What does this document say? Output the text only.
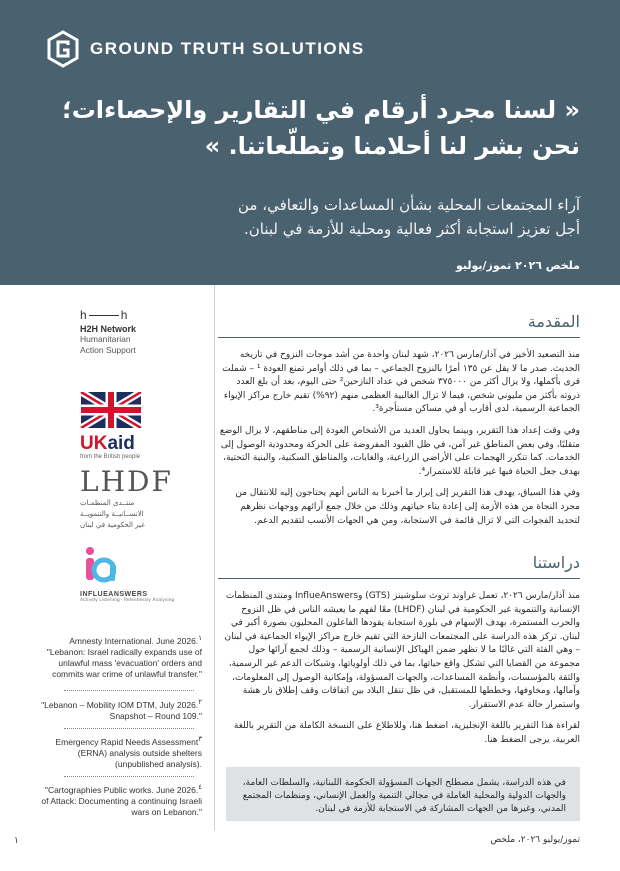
GROUND TRUTH SOLUTIONS
« لسنا مجرد أرقام في التقارير والإحصاءات؛
نحن بشر لنا أحلامنا وتطلّعاتنا. »

آراء المجتمعات المحلية بشأن المساعدات والتعافي، من
أجل تعزيز استجابة أكثر فعالية ومحلية للأزمة في لبنان.

ملخص ٢٠٢٦ تموز/يوليو
h	h
H2H Network
Humanitarian
Action Support
UKaid
from the British people
LHDF
منتــدى المنظمـات
الانســانيــة والتنمويــة
غير الحكومية في لبنان
INFLUEANSWERS
Actively Listening · Relentlessly Analysing

Amnesty International. June 2026.$^١$
"Lebanon: Israel radically expands use of
unlawful mass 'evacuation' orders and
commits war crime of unlawful transfer."

"Lebanon – Mobility IOM DTM, July 2026.$^٢$
Snapshot – Round 109."

Emergency Rapid Needs Assessment$^٣$
(ERNA) analysis outside shelters
(unpublished analysis).

"Cartographies Public works. June 2026.$^٤$
of Attack: Documenting a continuing Israeli
wars on Lebanon."

المقدمة

منذ التصعيد الأخير في آذار/مارس ٢٠٢٦، شهد لبنان واحدة من أشد موجات النزوح في تاريخه الحديث. صدر ما لا يقل عن ١٣٥ أمرًا بالنزوح الجماعي – بما في ذلك أوامر تمنع العودة ¹ – شملت قرى بأكملها، ولا يزال أكثر من ٣٧٥٠٠٠ شخص في عداد النازحين² حتى اليوم، بعد أن بلغ العدد ذروته بأكثر من مليوني شخص، فيما لا تزال الغالبية العظمى منهم (٩٢%) تقيم خارج مراكز الإيواء الجماعية الرسمية، لدى أقارب أو في مساكن مستأجرة³.

وفي وقت إعداد هذا التقرير، وبينما يحاول العديد من الأشخاص العودة إلى مناطقهم، لا يزال الوضع متقلبًا، وفي بعض المناطق غير آمن، في ظل القيود المفروضة على الحركة ومحدودية الوصول إلى الخدمات. كما تتكرر الهجمات على الأراضي الزراعية، والغابات، والمناطق السكنية، والبنية التحتية، بهدف جعل الحياة فيها غير قابلة للاستمرار⁴.

وفي هذا السياق، يهدف هذا التقرير إلى إبراز ما أخبرنا به الناس أنهم يحتاجون إليه للانتقال من مجرد النجاة من هذه الأزمة إلى إعادة بناء حياتهم وذلك من خلال جمع آرائهم ووجهات نظرهم لتحديد الفجوات التي لا تزال قائمة في الاستجابة، ومن هي الجهات الأنسب لتقديم الدعم.

دراستنا

منذ آذار/مارس ٢٠٢٦، تعمل غراوند تروث سلوشينز (GTS) وInflueAnswers ومنتدى المنظمات الإنسانية والتنموية غير الحكومية في لبنان (LHDF) معًا لفهم ما يعيشه الناس في ظل النزوح والحرب المستمرة، بهدف الإسهام في بلورة استجابة يقودها الفاعلون المحليون بصورة أكبر في لبنان. تركز هذه الدراسة على المجتمعات النازحة التي تقيم خارج مراكز الإيواء الجماعية في لبنان – وهي الفئة التي غالبًا ما لا تظهر ضمن الهياكل الإنسانية الرسمية – وذلك لجمع آرائها حول مجموعة من القضايا التي تشكل واقع حياتها، بما في ذلك أولوياتها، وشبكات الدعم غير الرسمية، والثقة بالمؤسسات، وأنظمة المساعدات، والجهات المسؤولة، وإمكانية الوصول إلى المعلومات، وآمالها، ومخاوفها، وخططها للمستقبل، في ظل تنقل البلاد بين اتفاقات وقف إطلاق نار هشة واستمرار حالة عدم الاستقرار.

لقراءة هذا التقرير باللغة الإنجليزية، اضغط هنا، وللاطلاع على النسخة الكاملة من التقرير باللغة العربية، يرجى الضغط هنا.

في هذه الدراسة، يشمل مصطلح الجهات المسؤولة الحكومة اللبنانية، والسلطات العامة، والجهات الدولية والمحلية العاملة في مجالي التنمية والعمل الإنساني، ومنظمات المجتمع المدني، وغيرها من الجهات المشاركة في الاستجابة للأزمة في لبنان.

تموز/يوليو ٢٠٢٦، ملخص
١
